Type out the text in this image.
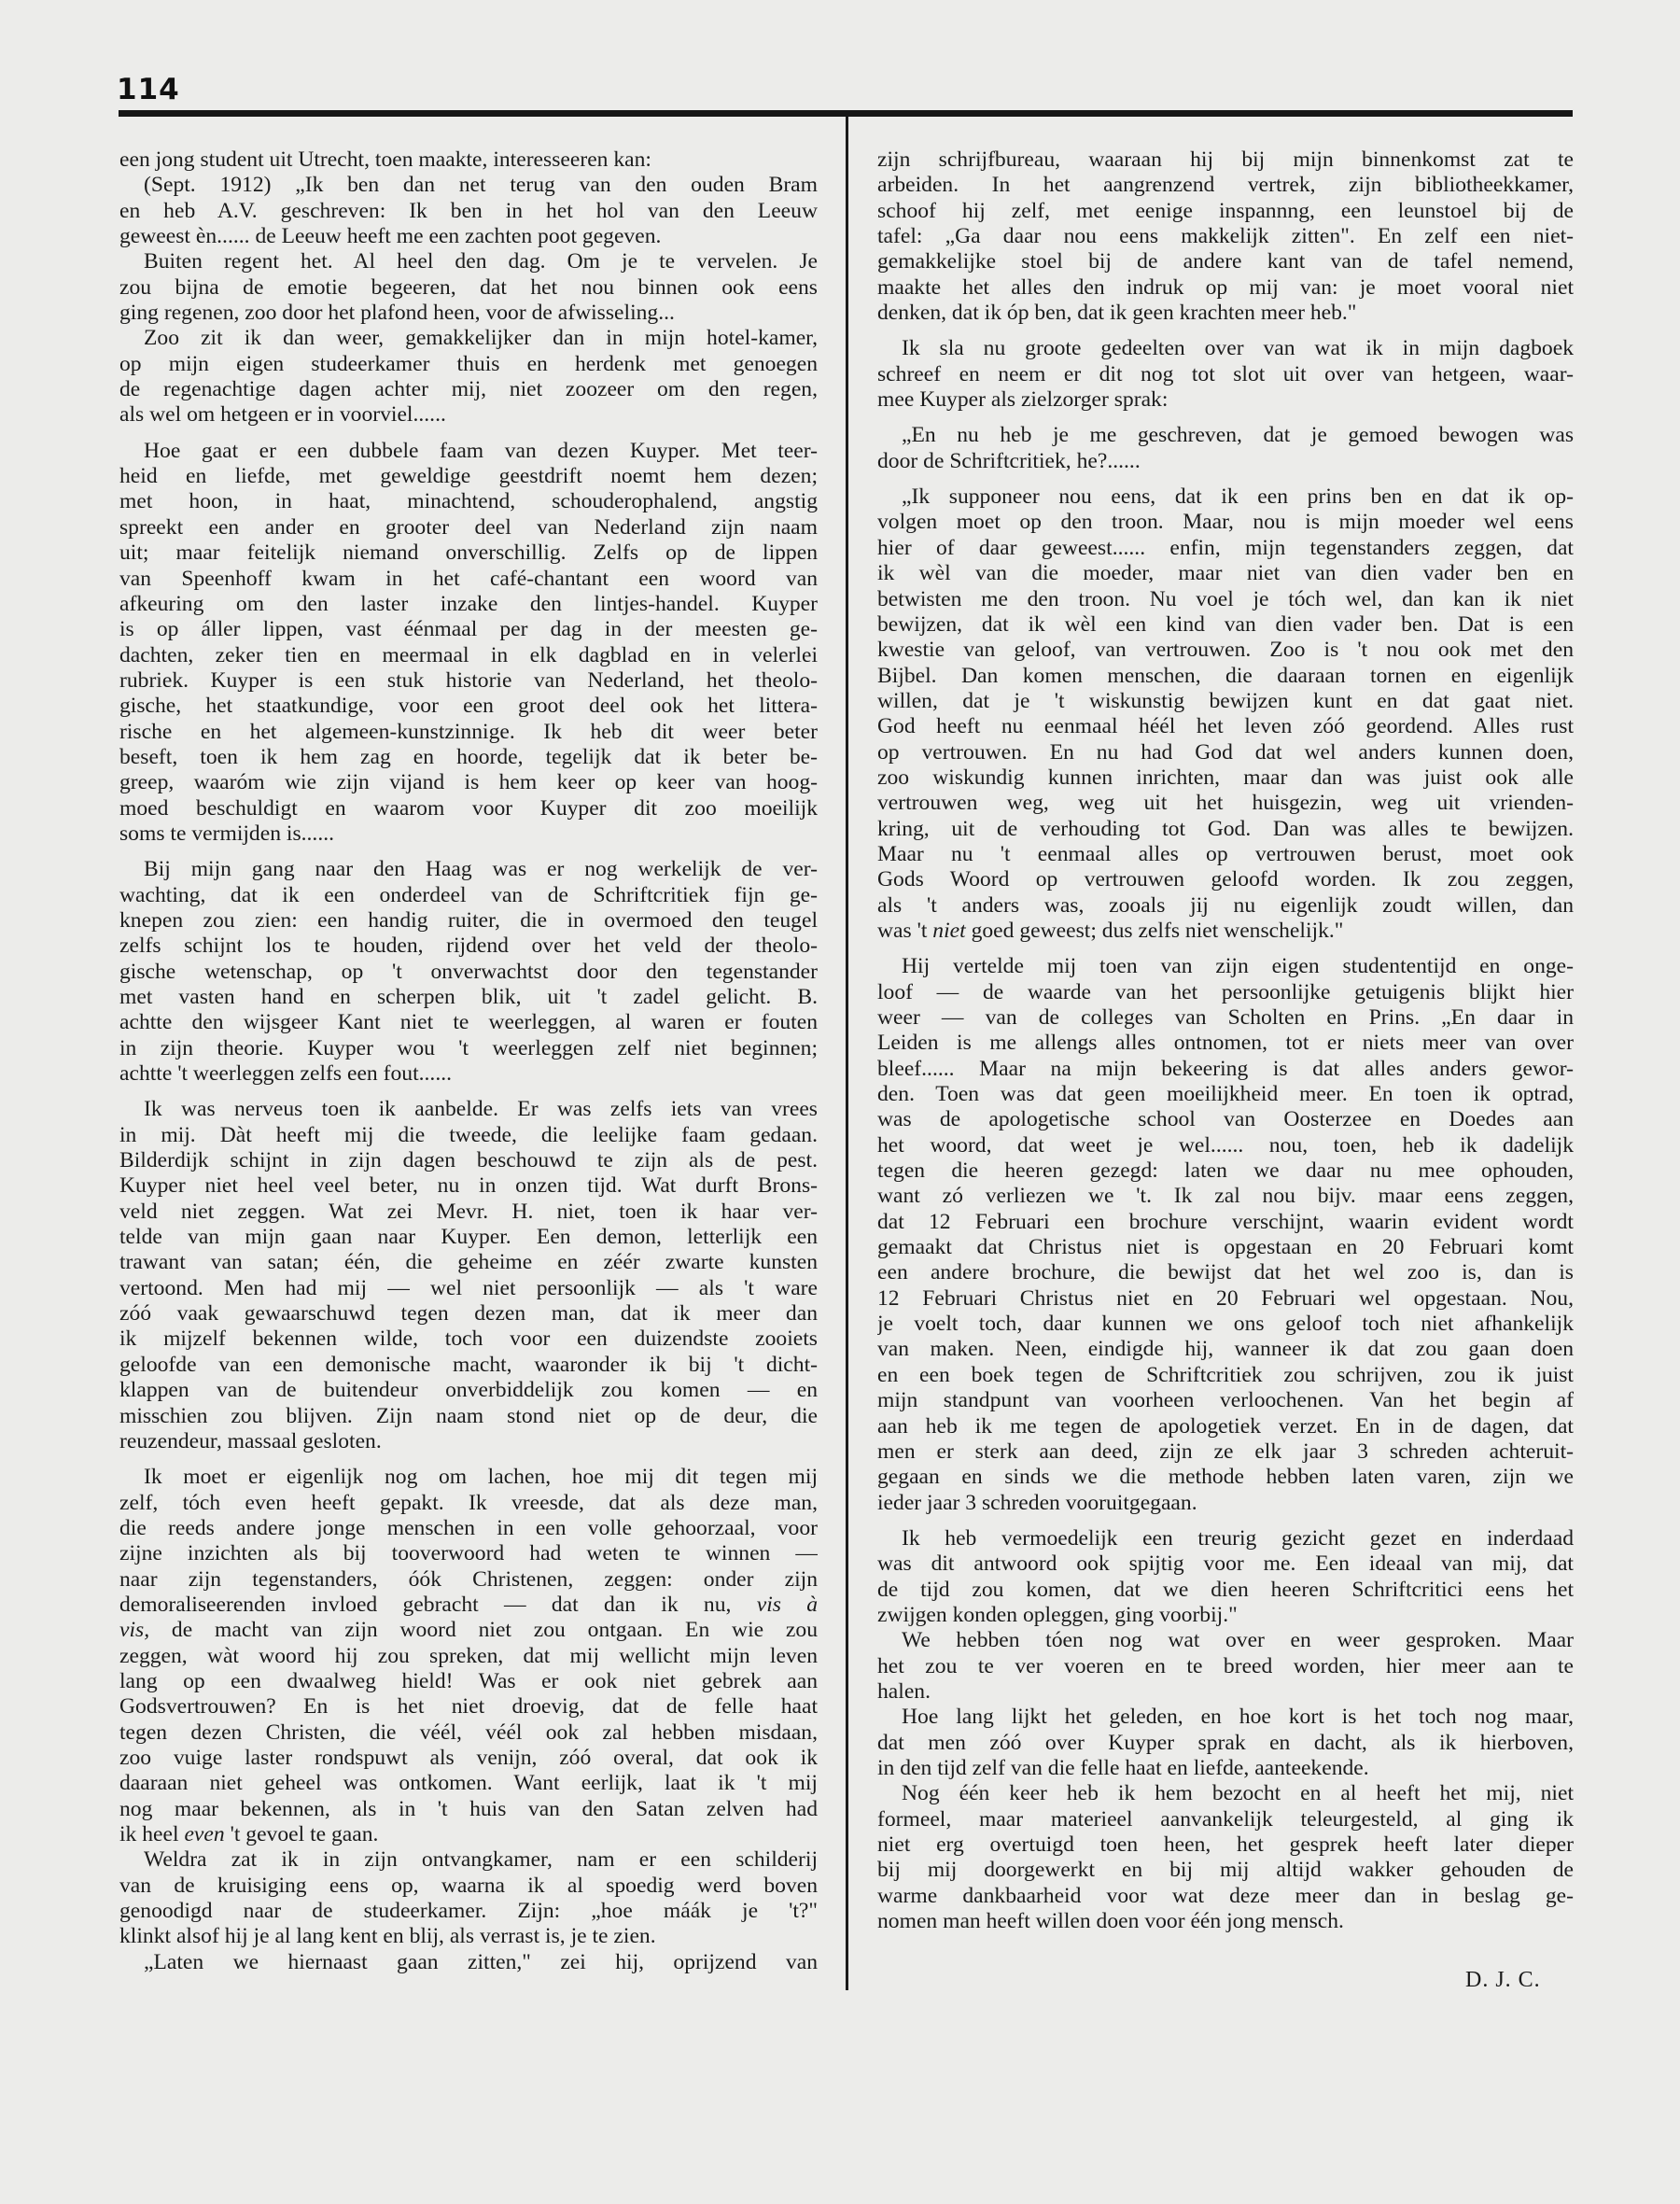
114
een jong student uit Utrecht, toen maakte, interesseeren kan:
(Sept. 1912) „Ik ben dan net terug van den ouden Bram
en heb A.V. geschreven: Ik ben in het hol van den Leeuw
geweest èn...... de Leeuw heeft me een zachten poot gegeven.
Buiten regent het. Al heel den dag. Om je te vervelen. Je
zou bijna de emotie begeeren, dat het nou binnen ook eens
ging regenen, zoo door het plafond heen, voor de afwisseling...
Zoo zit ik dan weer, gemakkelijker dan in mijn hotel-kamer,
op mijn eigen studeerkamer thuis en herdenk met genoegen
de regenachtige dagen achter mij, niet zoozeer om den regen,
als wel om hetgeen er in voorviel......
Hoe gaat er een dubbele faam van dezen Kuyper. Met teer-
heid en liefde, met geweldige geestdrift noemt hem dezen;
met hoon, in haat, minachtend, schouderophalend, angstig
spreekt een ander en grooter deel van Nederland zijn naam
uit; maar feitelijk niemand onverschillig. Zelfs op de lippen
van Speenhoff kwam in het café-chantant een woord van
afkeuring om den laster inzake den lintjes-handel. Kuyper
is op áller lippen, vast éénmaal per dag in der meesten ge-
dachten, zeker tien en meermaal in elk dagblad en in velerlei
rubriek. Kuyper is een stuk historie van Nederland, het theolo-
gische, het staatkundige, voor een groot deel ook het littera-
rische en het algemeen-kunstzinnige. Ik heb dit weer beter
beseft, toen ik hem zag en hoorde, tegelijk dat ik beter be-
greep, waaróm wie zijn vijand is hem keer op keer van hoog-
moed beschuldigt en waarom voor Kuyper dit zoo moeilijk
soms te vermijden is......
Bij mijn gang naar den Haag was er nog werkelijk de ver-
wachting, dat ik een onderdeel van de Schriftcritiek fijn ge-
knepen zou zien: een handig ruiter, die in overmoed den teugel
zelfs schijnt los te houden, rijdend over het veld der theolo-
gische wetenschap, op 't onverwachtst door den tegenstander
met vasten hand en scherpen blik, uit 't zadel gelicht. B.
achtte den wijsgeer Kant niet te weerleggen, al waren er fouten
in zijn theorie. Kuyper wou 't weerleggen zelf niet beginnen;
achtte 't weerleggen zelfs een fout......
Ik was nerveus toen ik aanbelde. Er was zelfs iets van vrees
in mij. Dàt heeft mij die tweede, die leelijke faam gedaan.
Bilderdijk schijnt in zijn dagen beschouwd te zijn als de pest.
Kuyper niet heel veel beter, nu in onzen tijd. Wat durft Brons-
veld niet zeggen. Wat zei Mevr. H. niet, toen ik haar ver-
telde van mijn gaan naar Kuyper. Een demon, letterlijk een
trawant van satan; één, die geheime en zéér zwarte kunsten
vertoond. Men had mij — wel niet persoonlijk — als 't ware
zóó vaak gewaarschuwd tegen dezen man, dat ik meer dan
ik mijzelf bekennen wilde, toch voor een duizendste zooiets
geloofde van een demonische macht, waaronder ik bij 't dicht-
klappen van de buitendeur onverbiddelijk zou komen — en
misschien zou blijven. Zijn naam stond niet op de deur, die
reuzendeur, massaal gesloten.
Ik moet er eigenlijk nog om lachen, hoe mij dit tegen mij
zelf, tóch even heeft gepakt. Ik vreesde, dat als deze man,
die reeds andere jonge menschen in een volle gehoorzaal, voor
zijne inzichten als bij tooverwoord had weten te winnen —
naar zijn tegenstanders, óók Christenen, zeggen: onder zijn
demoraliseerenden invloed gebracht — dat dan ik nu, vis à
vis, de macht van zijn woord niet zou ontgaan. En wie zou
zeggen, wàt woord hij zou spreken, dat mij wellicht mijn leven
lang op een dwaalweg hield! Was er ook niet gebrek aan
Godsvertrouwen? En is het niet droevig, dat de felle haat
tegen dezen Christen, die véél, véél ook zal hebben misdaan,
zoo vuige laster rondspuwt als venijn, zóó overal, dat ook ik
daaraan niet geheel was ontkomen. Want eerlijk, laat ik 't mij
nog maar bekennen, als in 't huis van den Satan zelven had
ik heel even 't gevoel te gaan.
Weldra zat ik in zijn ontvangkamer, nam er een schilderij
van de kruisiging eens op, waarna ik al spoedig werd boven
genoodigd naar de studeerkamer. Zijn: „hoe máák je 't?"
klinkt alsof hij je al lang kent en blij, als verrast is, je te zien.
„Laten we hiernaast gaan zitten," zei hij, oprijzend van
zijn schrijfbureau, waaraan hij bij mijn binnenkomst zat te
arbeiden. In het aangrenzend vertrek, zijn bibliotheekkamer,
schoof hij zelf, met eenige inspannng, een leunstoel bij de
tafel: „Ga daar nou eens makkelijk zitten". En zelf een niet-
gemakkelijke stoel bij de andere kant van de tafel nemend,
maakte het alles den indruk op mij van: je moet vooral niet
denken, dat ik óp ben, dat ik geen krachten meer heb."
Ik sla nu groote gedeelten over van wat ik in mijn dagboek
schreef en neem er dit nog tot slot uit over van hetgeen, waar-
mee Kuyper als zielzorger sprak:
„En nu heb je me geschreven, dat je gemoed bewogen was
door de Schriftcritiek, he?......
„Ik supponeer nou eens, dat ik een prins ben en dat ik op-
volgen moet op den troon. Maar, nou is mijn moeder wel eens
hier of daar geweest...... enfin, mijn tegenstanders zeggen, dat
ik wèl van die moeder, maar niet van dien vader ben en
betwisten me den troon. Nu voel je tóch wel, dan kan ik niet
bewijzen, dat ik wèl een kind van dien vader ben. Dat is een
kwestie van geloof, van vertrouwen. Zoo is 't nou ook met den
Bijbel. Dan komen menschen, die daaraan tornen en eigenlijk
willen, dat je 't wiskunstig bewijzen kunt en dat gaat niet.
God heeft nu eenmaal héél het leven zóó geordend. Alles rust
op vertrouwen. En nu had God dat wel anders kunnen doen,
zoo wiskundig kunnen inrichten, maar dan was juist ook alle
vertrouwen weg, weg uit het huisgezin, weg uit vrienden-
kring, uit de verhouding tot God. Dan was alles te bewijzen.
Maar nu 't eenmaal alles op vertrouwen berust, moet ook
Gods Woord op vertrouwen geloofd worden. Ik zou zeggen,
als 't anders was, zooals jij nu eigenlijk zoudt willen, dan
was 't niet goed geweest; dus zelfs niet wenschelijk."
Hij vertelde mij toen van zijn eigen studententijd en onge-
loof — de waarde van het persoonlijke getuigenis blijkt hier
weer — van de colleges van Scholten en Prins. „En daar in
Leiden is me allengs alles ontnomen, tot er niets meer van over
bleef...... Maar na mijn bekeering is dat alles anders gewor-
den. Toen was dat geen moeilijkheid meer. En toen ik optrad,
was de apologetische school van Oosterzee en Doedes aan
het woord, dat weet je wel...... nou, toen, heb ik dadelijk
tegen die heeren gezegd: laten we daar nu mee ophouden,
want zó verliezen we 't. Ik zal nou bijv. maar eens zeggen,
dat 12 Februari een brochure verschijnt, waarin evident wordt
gemaakt dat Christus niet is opgestaan en 20 Februari komt
een andere brochure, die bewijst dat het wel zoo is, dan is
12 Februari Christus niet en 20 Februari wel opgestaan. Nou,
je voelt toch, daar kunnen we ons geloof toch niet afhankelijk
van maken. Neen, eindigde hij, wanneer ik dat zou gaan doen
en een boek tegen de Schriftcritiek zou schrijven, zou ik juist
mijn standpunt van voorheen verloochenen. Van het begin af
aan heb ik me tegen de apologetiek verzet. En in de dagen, dat
men er sterk aan deed, zijn ze elk jaar 3 schreden achteruit-
gegaan en sinds we die methode hebben laten varen, zijn we
ieder jaar 3 schreden vooruitgegaan.
Ik heb vermoedelijk een treurig gezicht gezet en inderdaad
was dit antwoord ook spijtig voor me. Een ideaal van mij, dat
de tijd zou komen, dat we dien heeren Schriftcritici eens het
zwijgen konden opleggen, ging voorbij."
We hebben tóen nog wat over en weer gesproken. Maar
het zou te ver voeren en te breed worden, hier meer aan te
halen.
Hoe lang lijkt het geleden, en hoe kort is het toch nog maar,
dat men zóó over Kuyper sprak en dacht, als ik hierboven,
in den tijd zelf van die felle haat en liefde, aanteekende.
Nog één keer heb ik hem bezocht en al heeft het mij, niet
formeel, maar materieel aanvankelijk teleurgesteld, al ging ik
niet erg overtuigd toen heen, het gesprek heeft later dieper
bij mij doorgewerkt en bij mij altijd wakker gehouden de
warme dankbaarheid voor wat deze meer dan in beslag ge-
nomen man heeft willen doen voor één jong mensch.
D. J. C.
